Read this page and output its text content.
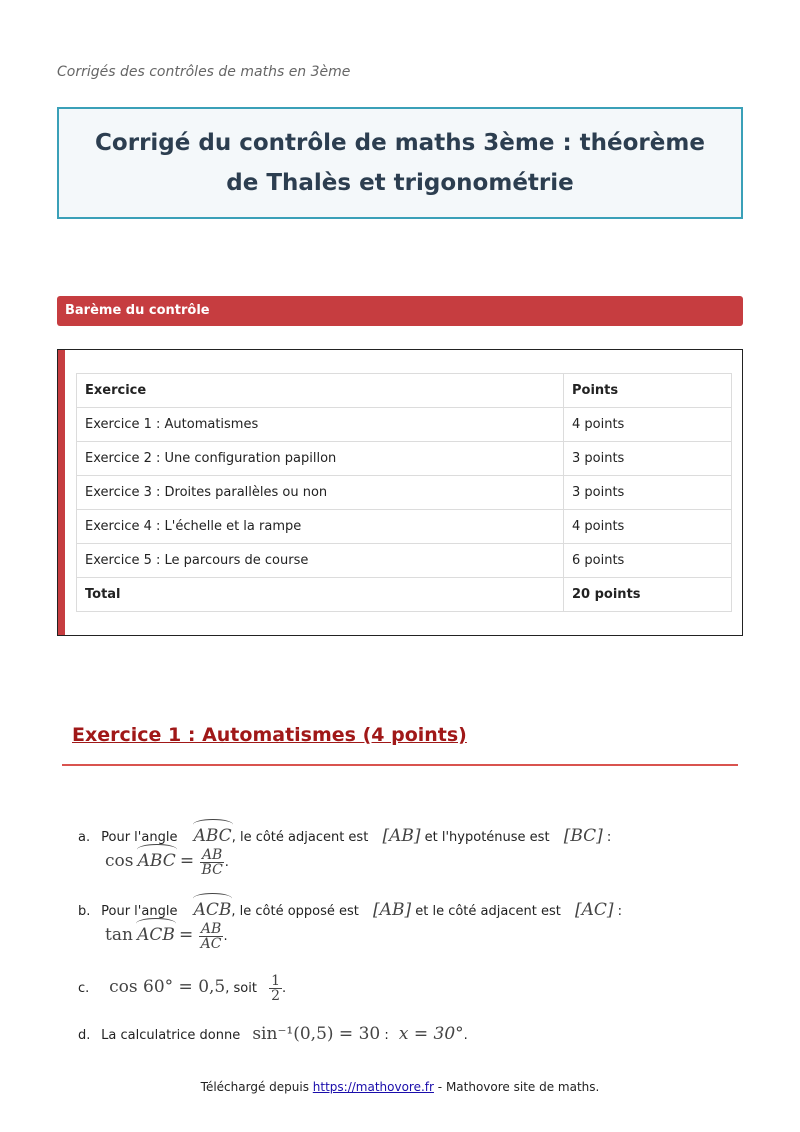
Corrigés des contrôles de maths en 3ème
Corrigé du contrôle de maths 3ème : théorème de Thalès et trigonométrie
Barème du contrôle
Exercice	Points
Exercice 1 : Automatismes	4 points
Exercice 2 : Une configuration papillon	3 points
Exercice 3 : Droites parallèles ou non	3 points
Exercice 4 : L'échelle et la rampe	4 points
Exercice 5 : Le parcours de course	6 points
Total	20 points
Exercice 1 : Automatismes (4 points)
a. Pour l'angle ABC, le côté adjacent est [AB] et l'hypoténuse est [BC] :
cos ABC = $\frac{AB}{BC}$ .
b. Pour l'angle ACB, le côté opposé est [AB] et le côté adjacent est [AC] :
tan ACB = $\frac{AB}{AC}$ .
c. cos 60° = 0,5, soit $\frac{1}{2}$ .
d. La calculatrice donne sin⁻¹(0,5) = 30 : x = 30°.
Téléchargé depuis https://mathovore.fr - Mathovore site de maths.
